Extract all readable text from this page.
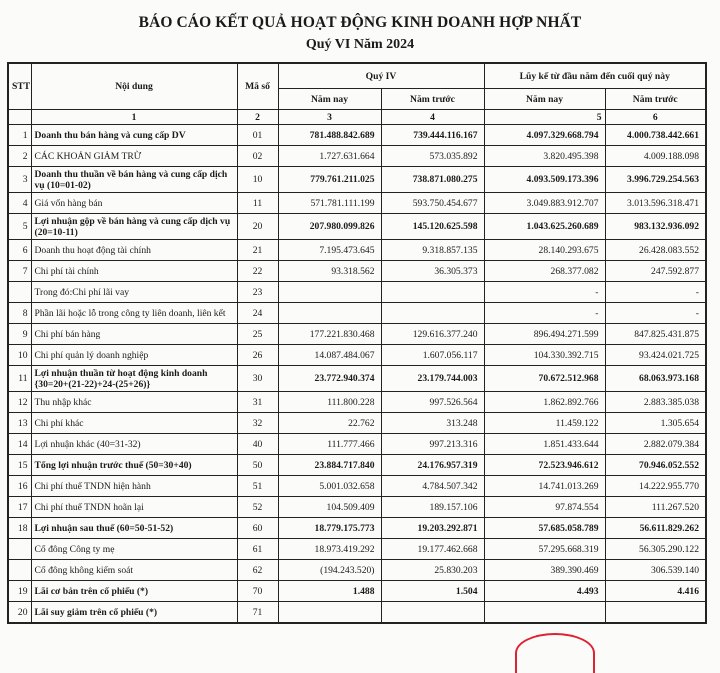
BÁO CÁO KẾT QUẢ HOẠT ĐỘNG KINH DOANH HỢP NHẤT
Quý VI Năm 2024
STT	Nội dung	Mã số	Quý IV		Lũy kế từ đầu năm đến cuối quý này	
			Năm nay	Năm trước	Năm nay	Năm trước
	1	2	3	4	5	6
1	Doanh thu bán hàng và cung cấp DV	01	781.488.842.689	739.444.116.167	4.097.329.668.794	4.000.738.442.661
2	CÁC KHOẢN GIẢM TRỪ	02	1.727.631.664	573.035.892	3.820.495.398	4.009.188.098
3	Doanh thu thuần về bán hàng và cung cấp dịch vụ (10=01-02)	10	779.761.211.025	738.871.080.275	4.093.509.173.396	3.996.729.254.563
4	Giá vốn hàng bán	11	571.781.111.199	593.750.454.677	3.049.883.912.707	3.013.596.318.471
5	Lợi nhuận gộp về bán hàng và cung cấp dịch vụ (20=10-11)	20	207.980.099.826	145.120.625.598	1.043.625.260.689	983.132.936.092
6	Doanh thu hoạt động tài chính	21	7.195.473.645	9.318.857.135	28.140.293.675	26.428.083.552
7	Chi phí tài chính	22	93.318.562	36.305.373	268.377.082	247.592.877
	Trong đó:Chi phí lãi vay	23			-	-
8	Phần lãi hoặc lỗ trong công ty liên doanh, liên kết	24			-	-
9	Chi phí bán hàng	25	177.221.830.468	129.616.377.240	896.494.271.599	847.825.431.875
10	Chi phí quản lý doanh nghiệp	26	14.087.484.067	1.607.056.117	104.330.392.715	93.424.021.725
11	Lợi nhuận thuần từ hoạt động kinh doanh {30=20+(21-22)+24-(25+26)}	30	23.772.940.374	23.179.744.003	70.672.512.968	68.063.973.168
12	Thu nhập khác	31	111.800.228	997.526.564	1.862.892.766	2.883.385.038
13	Chi phí khác	32	22.762	313.248	11.459.122	1.305.654
14	Lợi nhuận khác (40=31-32)	40	111.777.466	997.213.316	1.851.433.644	2.882.079.384
15	Tổng lợi nhuận trước thuế (50=30+40)	50	23.884.717.840	24.176.957.319	72.523.946.612	70.946.052.552
16	Chi phí thuế TNDN hiện hành	51	5.001.032.658	4.784.507.342	14.741.013.269	14.222.955.770
17	Chi phí thuế TNDN hoãn lại	52	104.509.409	189.157.106	97.874.554	111.267.520
18	Lợi nhuận sau thuế (60=50-51-52)	60	18.779.175.773	19.203.292.871	57.685.058.789	56.611.829.262
	Cổ đông Công ty mẹ	61	18.973.419.292	19.177.462.668	57.295.668.319	56.305.290.122
	Cổ đông không kiểm soát	62	(194.243.520)	25.830.203	389.390.469	306.539.140
19	Lãi cơ bản trên cổ phiếu (*)	70	1.488	1.504	4.493	4.416
20	Lãi suy giảm trên cổ phiếu (*)	71				
